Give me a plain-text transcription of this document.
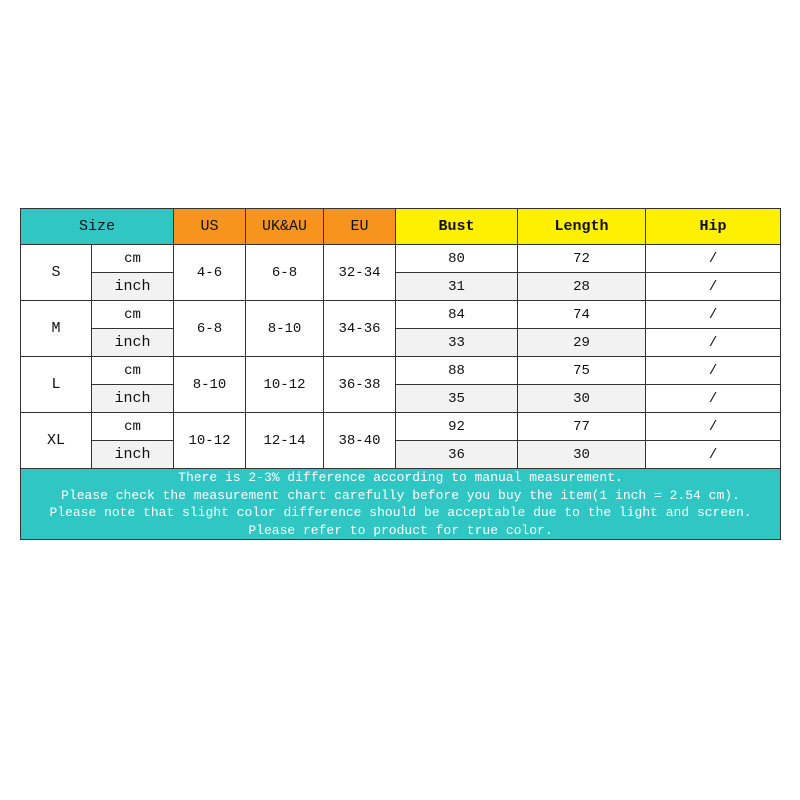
Size		US	UK&AU	EU	Bust	Length	Hip
S	cm	4-6	6-8	32-34	80	72	/
	inch				31	28	/
M	cm	6-8	8-10	34-36	84	74	/
	inch				33	29	/
L	cm	8-10	10-12	36-38	88	75	/
	inch				35	30	/
XL	cm	10-12	12-14	38-40	92	77	/
	inch				36	30	/

There is 2-3% difference according to manual measurement.
Please check the measurement chart carefully before you buy the item(1 inch = 2.54 cm).
Please note that slight color difference should be acceptable due to the light and screen.
Please refer to product for true color.							
